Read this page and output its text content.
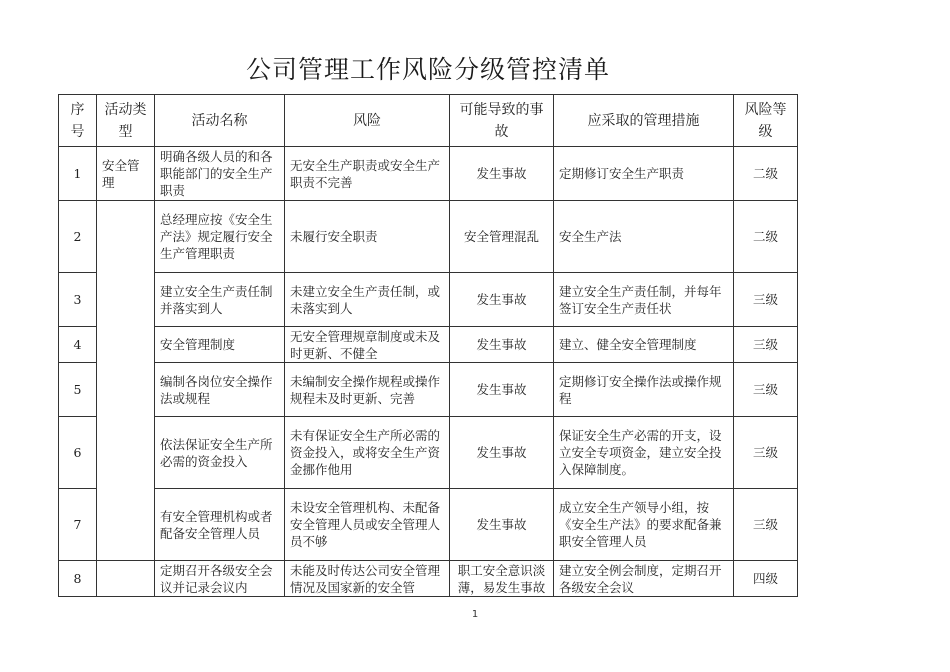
公司管理工作风险分级管控清单
序号	活动类型	活动名称	风险	可能导致的事故	应采取的管理措施	风险等级
1	安全管理	明确各级人员的和各职能部门的安全生产职责	无安全生产职责或安全生产职责不完善	发生事故	定期修订安全生产职责	二级
2		总经理应按《安全生产法》规定履行安全生产管理职责	未履行安全职责	安全管理混乱	安全生产法	二级
3		建立安全生产责任制并落实到人	未建立安全生产责任制，或未落实到人	发生事故	建立安全生产责任制，并每年签订安全生产责任状	三级
4		安全管理制度	无安全管理规章制度或未及时更新、不健全	发生事故	建立、健全安全管理制度	三级
5		编制各岗位安全操作法或规程	未编制安全操作规程或操作规程未及时更新、完善	发生事故	定期修订安全操作法或操作规程	三级
6		依法保证安全生产所必需的资金投入	未有保证安全生产所必需的资金投入，或将安全生产资金挪作他用	发生事故	保证安全生产必需的开支，设立安全专项资金，建立安全投入保障制度。	三级
7		有安全管理机构或者配备安全管理人员	未设安全管理机构、未配备安全管理人员或安全管理人员不够	发生事故	成立安全生产领导小组，按《安全生产法》的要求配备兼职安全管理人员	三级
8		定期召开各级安全会议并记录会议内	未能及时传达公司安全管理情况及国家新的安全管	职工安全意识淡薄，易发生事故	建立安全例会制度，定期召开各级安全会议	四级
1
